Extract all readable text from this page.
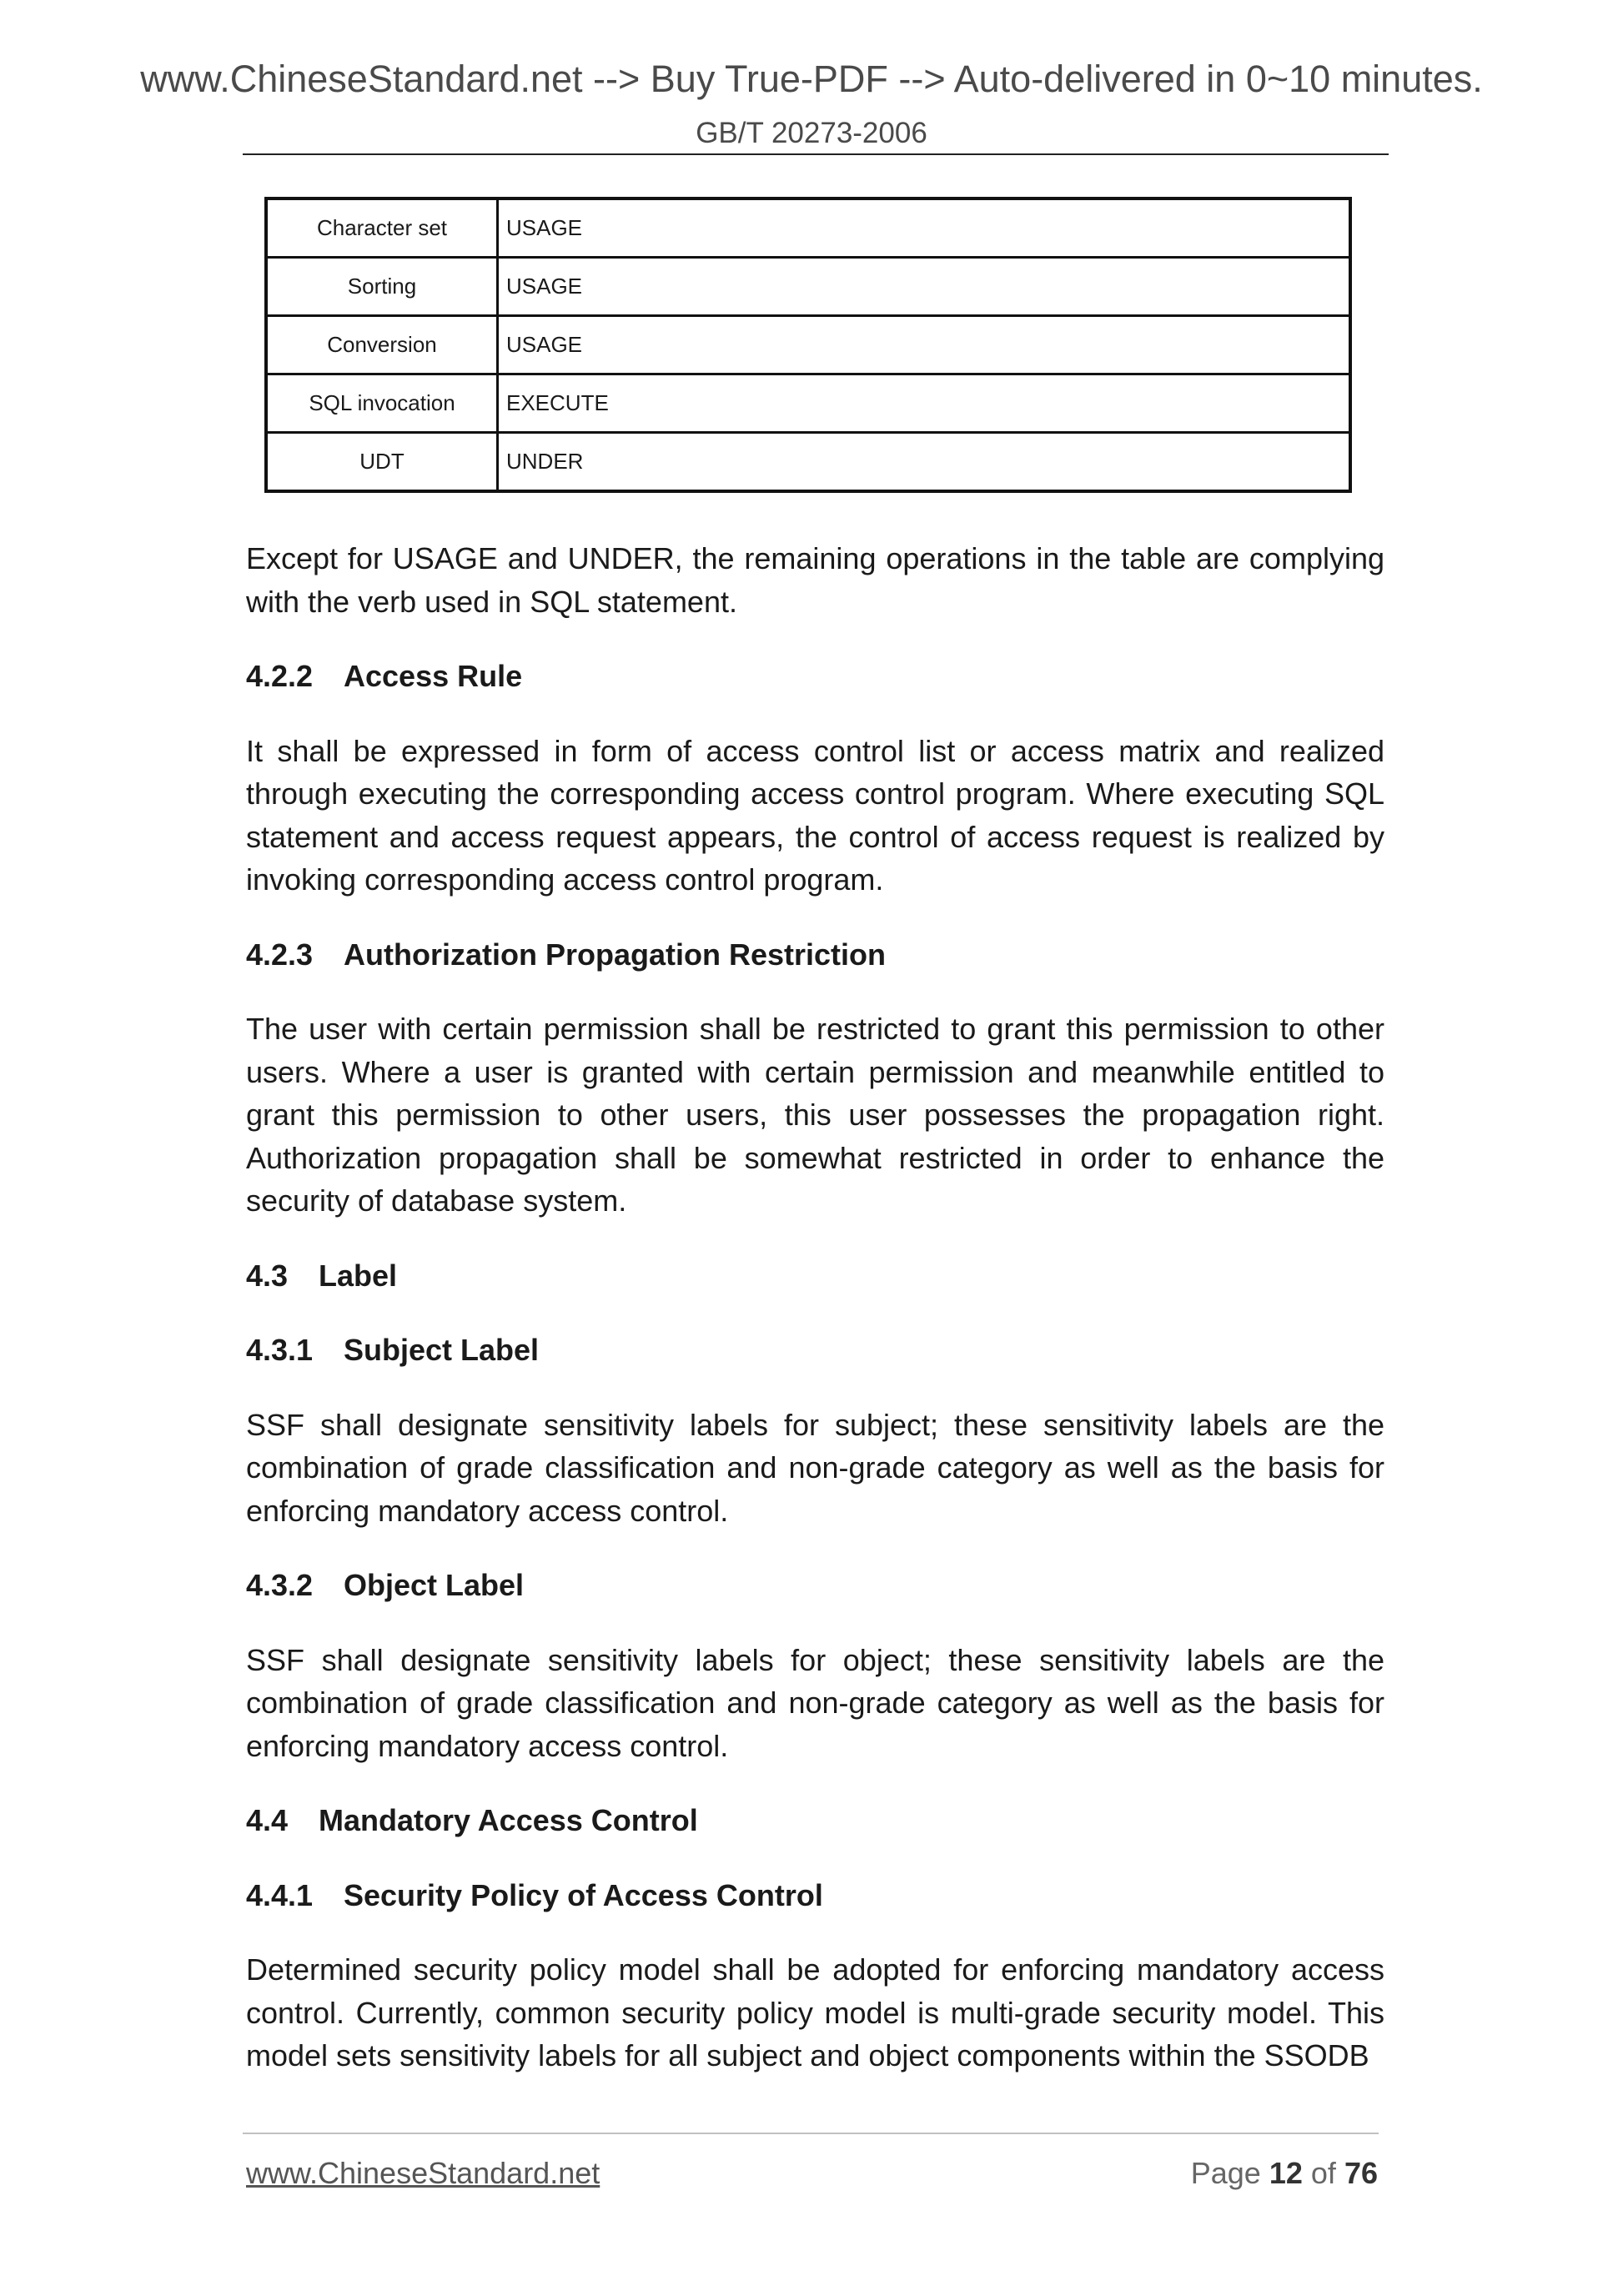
www.ChineseStandard.net --> Buy True-PDF --> Auto-delivered in 0~10 minutes.
GB/T 20273-2006
Character set	USAGE
Sorting	USAGE
Conversion	USAGE
SQL invocation	EXECUTE
UDT	UNDER

Except for USAGE and UNDER, the remaining operations in the table are complying with the verb used in SQL statement.

4.2.2 Access Rule

It shall be expressed in form of access control list or access matrix and realized through executing the corresponding access control program. Where executing SQL statement and access request appears, the control of access request is realized by invoking corresponding access control program.

4.2.3 Authorization Propagation Restriction

The user with certain permission shall be restricted to grant this permission to other users. Where a user is granted with certain permission and meanwhile entitled to grant this permission to other users, this user possesses the propagation right. Authorization propagation shall be somewhat restricted in order to enhance the security of database system.

4.3 Label
4.3.1 Subject Label

SSF shall designate sensitivity labels for subject; these sensitivity labels are the combination of grade classification and non-grade category as well as the basis for enforcing mandatory access control.

4.3.2 Object Label

SSF shall designate sensitivity labels for object; these sensitivity labels are the combination of grade classification and non-grade category as well as the basis for enforcing mandatory access control.

4.4 Mandatory Access Control
4.4.1 Security Policy of Access Control

Determined security policy model shall be adopted for enforcing mandatory access control. Currently, common security policy model is multi-grade security model. This model sets sensitivity labels for all subject and object components within the SSODB

www.ChineseStandard.net	Page 12 of 76
